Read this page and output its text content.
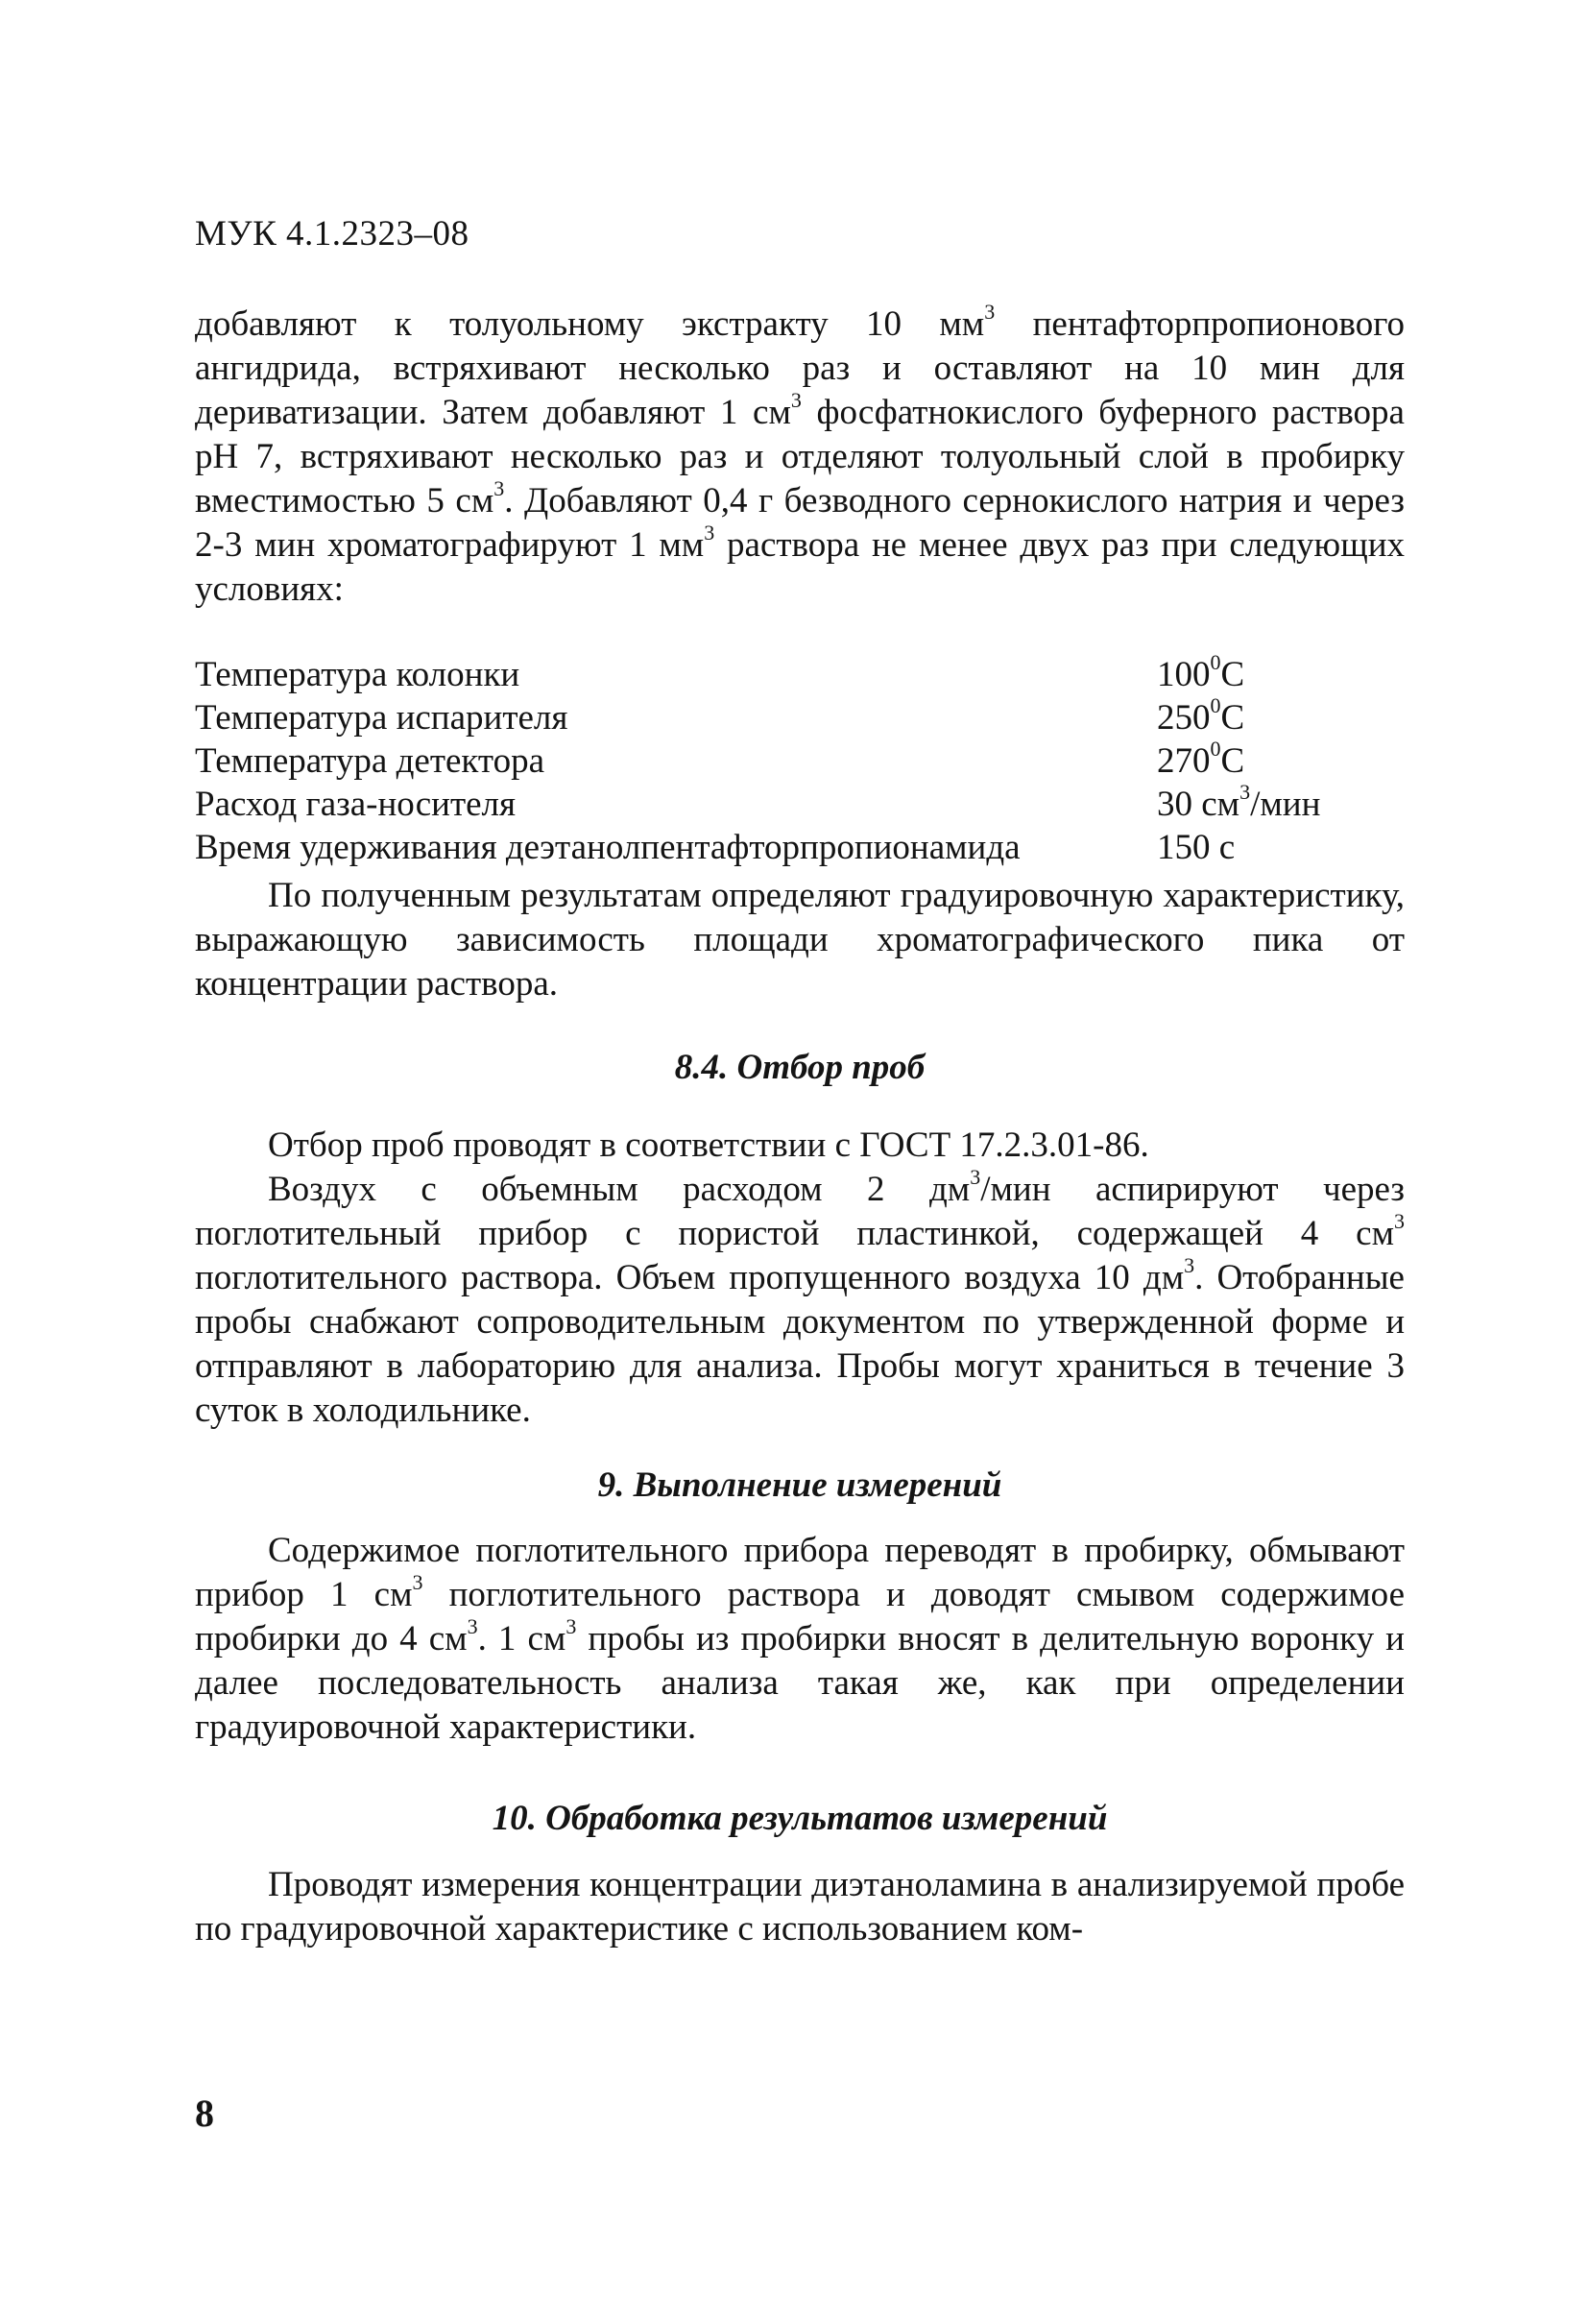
МУК 4.1.2323–08

добавляют к толуольному экстракту 10 $мм^3$ пентафторпропионового ангидрида, встряхивают несколько раз и оставляют на 10 мин для дериватизации. Затем добавляют 1 $см^3$ фосфатнокислого буферного раствора pH 7, встряхивают несколько раз и отделяют толуольный слой в пробирку вместимостью 5 $см^3$. Добавляют 0,4 г безводного сернокислого натрия и через 2-3 мин хроматографируют 1 $мм^3$ раствора не менее двух раз при следующих условиях:

Температура колонки	$100^0С$
Температура испарителя	$250^0С$
Температура детектора	$270^0С$
Расход газа-носителя	30 $см^3$/мин
Время удерживания деэтанолпентафторпропионамида	150 с

По полученным результатам определяют градуировочную характеристику, выражающую зависимость площади хроматографического пика от концентрации раствора.

8.4. Отбор проб

Отбор проб проводят в соответствии с ГОСТ 17.2.3.01-86.

Воздух с объемным расходом 2 $дм^3$/мин аспирируют через поглотительный прибор с пористой пластинкой, содержащей 4 $см^3$ поглотительного раствора. Объем пропущенного воздуха 10 $дм^3$. Отобранные пробы снабжают сопроводительным документом по утвержденной форме и отправляют в лабораторию для анализа. Пробы могут храниться в течение 3 суток в холодильнике.

9. Выполнение измерений

Содержимое поглотительного прибора переводят в пробирку, обмывают прибор 1 $см^3$ поглотительного раствора и доводят смывом содержимое пробирки до 4 $см^3$. 1 $см^3$ пробы из пробирки вносят в делительную воронку и далее последовательность анализа такая же, как при определении градуировочной характеристики.

10. Обработка результатов измерений

Проводят измерения концентрации диэтаноламина в анализируемой пробе по градуировочной характеристике с использованием ком-

8
